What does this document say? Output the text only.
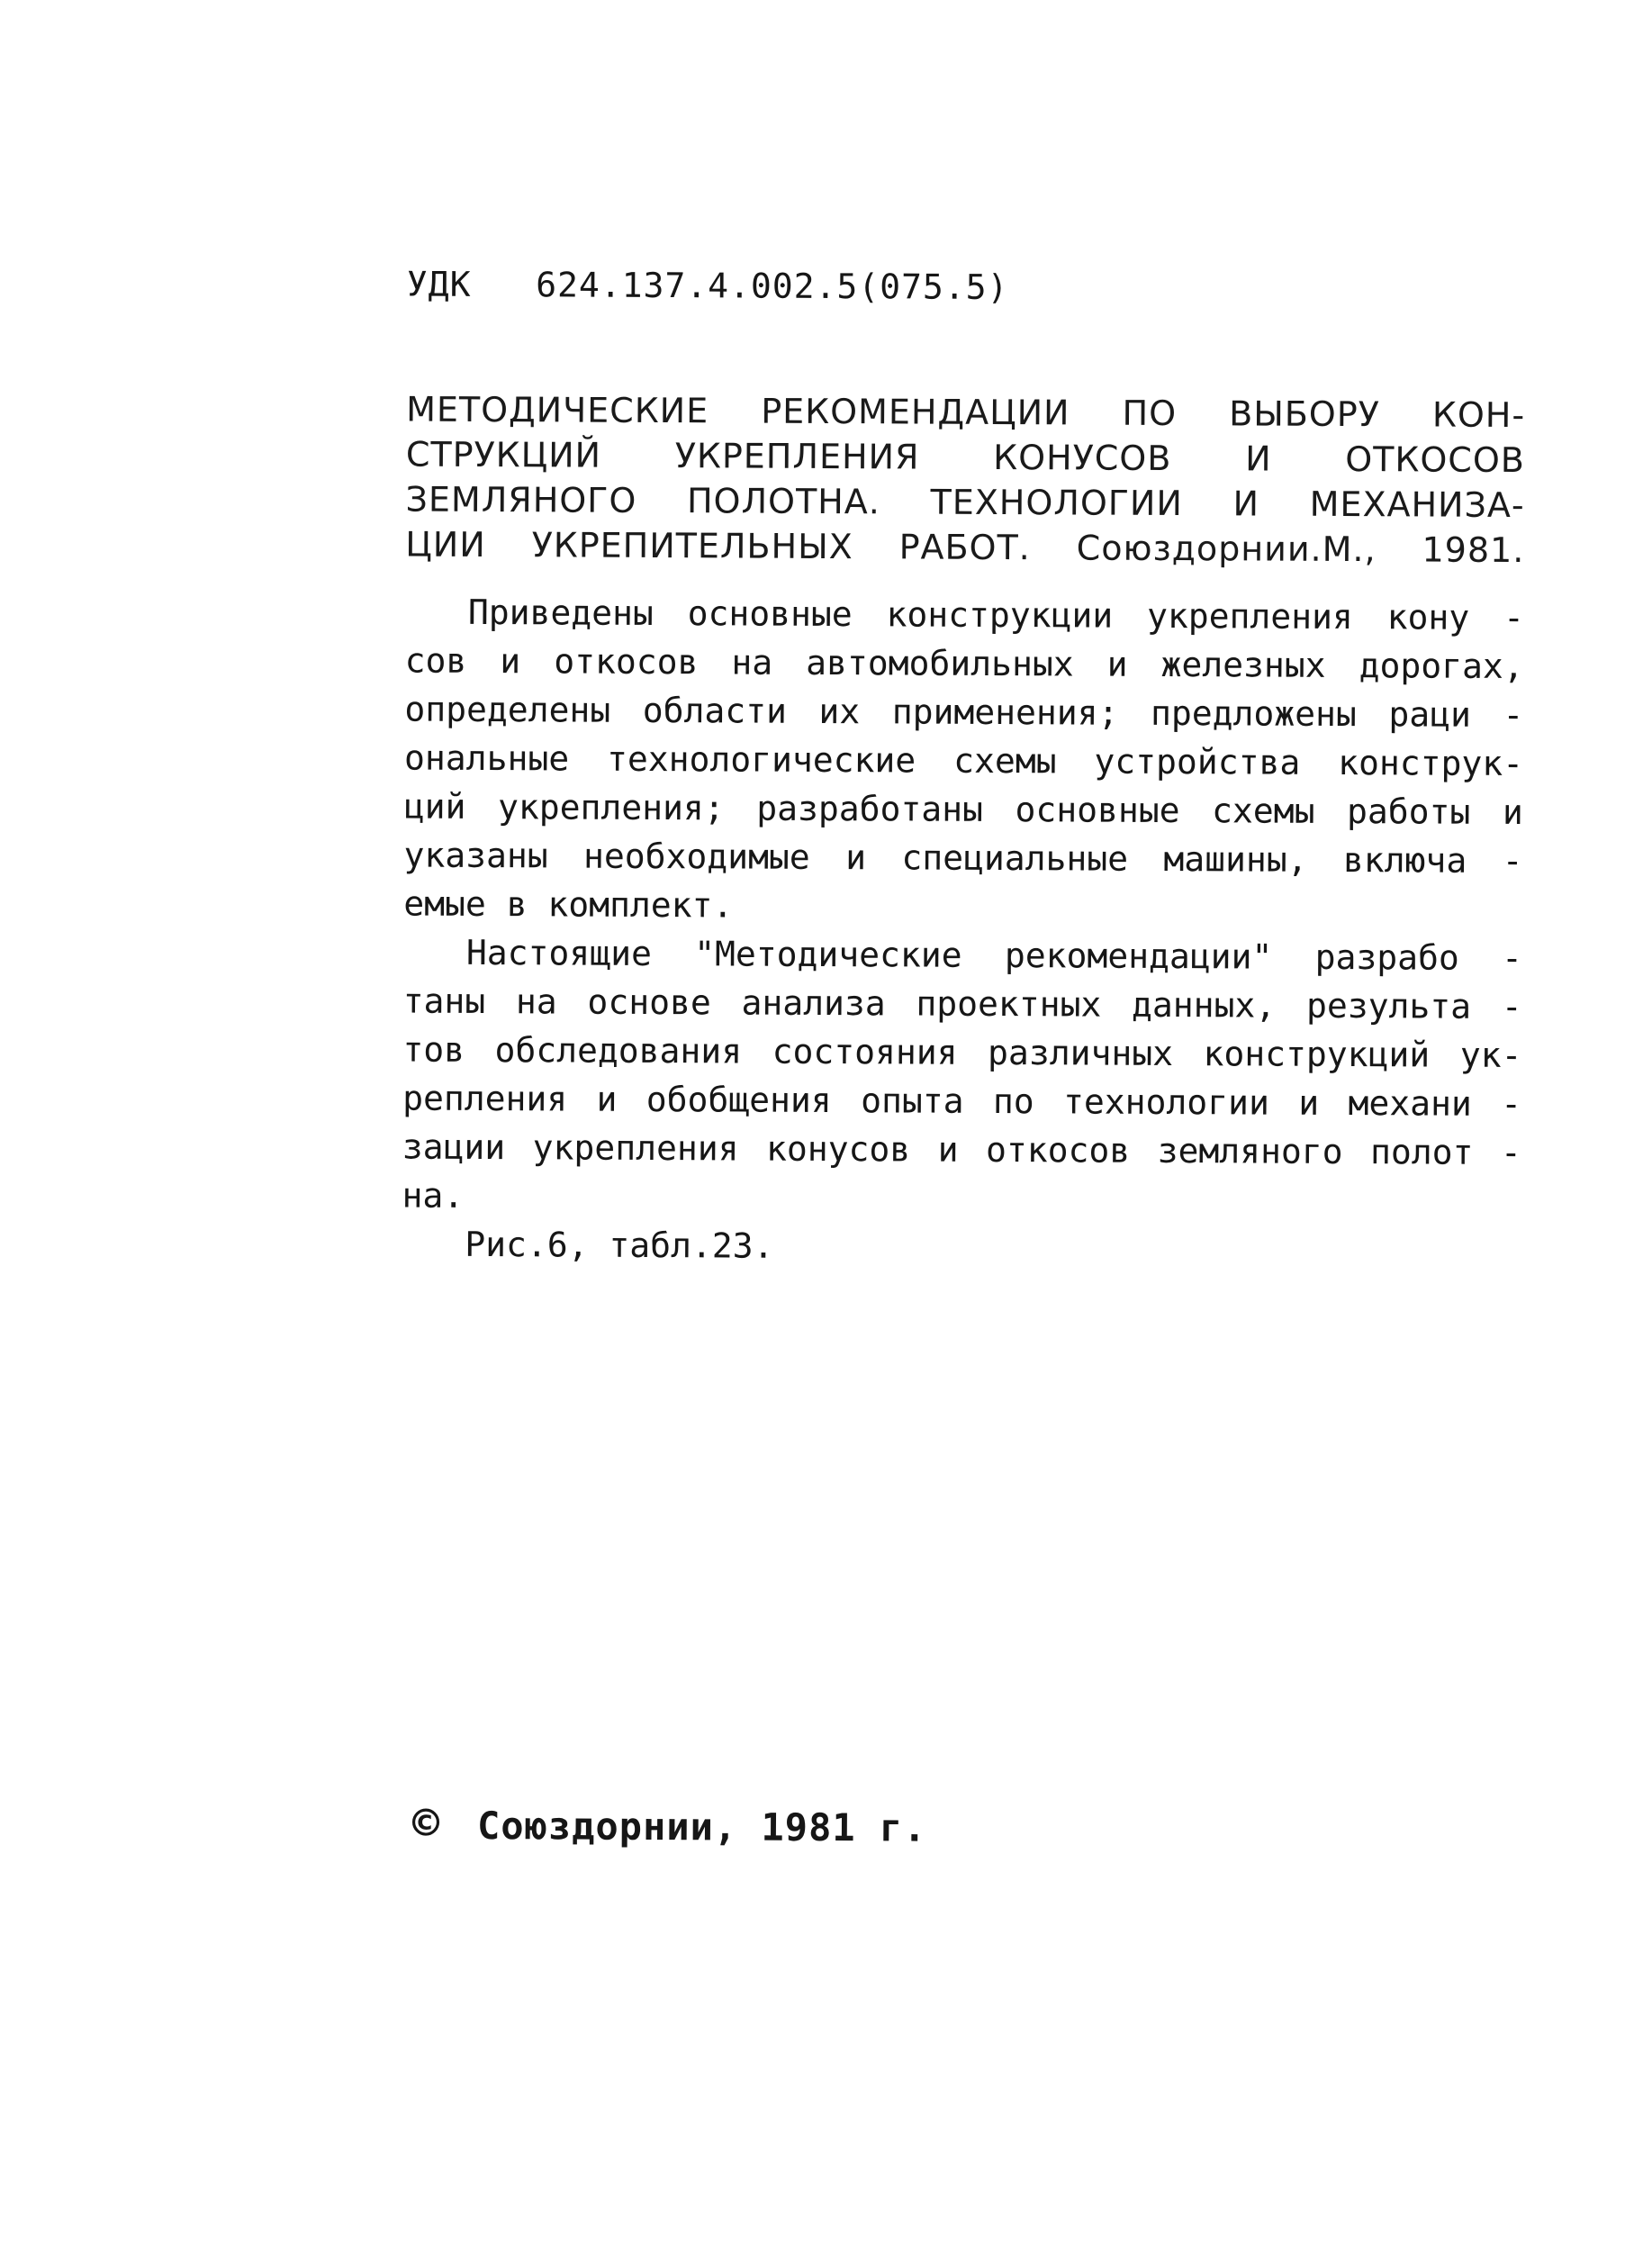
УДК   624.137.4.002.5(075.5)
МЕТОДИЧЕСКИЕ РЕКОМЕНДАЦИИ ПО ВЫБОРУ КОН-
СТРУКЦИЙ УКРЕПЛЕНИЯ КОНУСОВ И ОТКОСОВ
ЗЕМЛЯНОГО ПОЛОТНА. ТЕХНОЛОГИИ И МЕХАНИЗА-
ЦИИ УКРЕПИТЕЛЬНЫХ РАБОТ. Союздорнии.М., 1981.
Приведены основные конструкции укрепления кону -
сов и откосов на автомобильных и железных дорогах,
определены области их применения; предложены раци -
ональные технологические схемы устройства конструк-
ций укрепления; разработаны основные схемы работы и
указаны необходимые и специальные машины, включа -
емые в комплект.
Настоящие "Методические рекомендации" разрабо -
таны на основе анализа проектных данных, результа -
тов обследования состояния различных конструкций ук-
репления и обобщения опыта по технологии и механи -
зации укрепления конусов и откосов земляного полот -
на.
Рис.6, табл.23.
© Союздорнии, 1981 г.
